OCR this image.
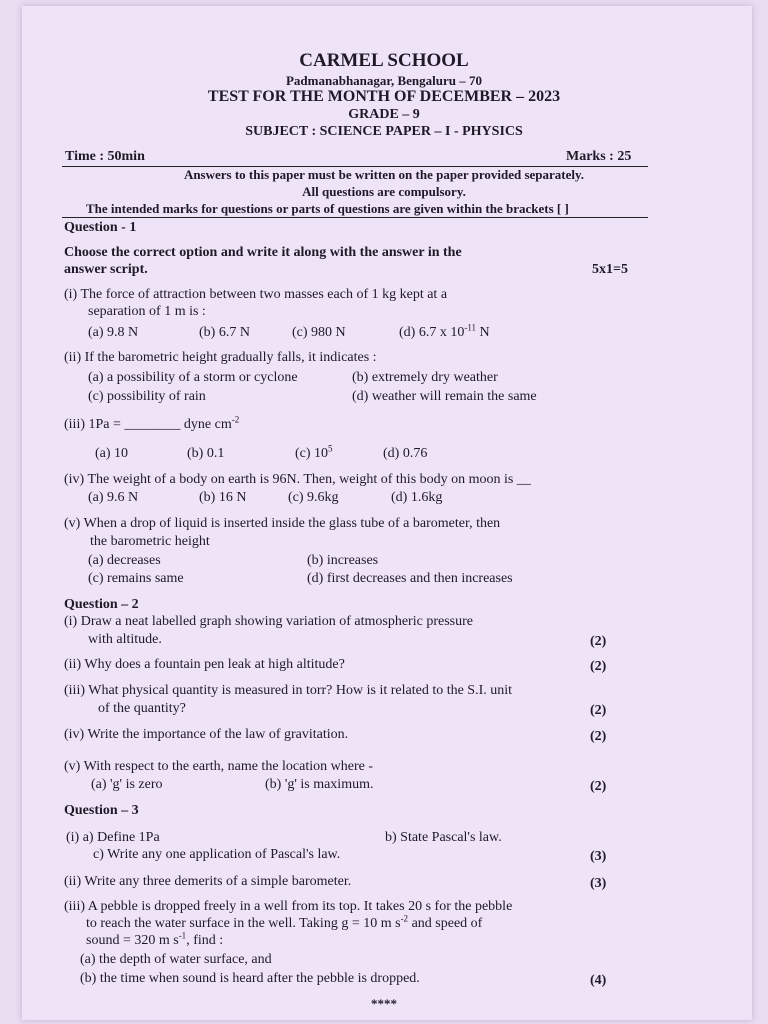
CARMEL SCHOOL
Padmanabhanagar, Bengaluru – 70
TEST FOR THE MONTH OF DECEMBER – 2023
GRADE – 9
SUBJECT : SCIENCE PAPER – I - PHYSICS
Time : 50min	Marks : 25
Answers to this paper must be written on the paper provided separately.
All questions are compulsory.
The intended marks for questions or parts of questions are given within the brackets [ ]
Question - 1
Choose the correct option and write it along with the answer in the
answer script.	5x1=5
(i) The force of attraction between two masses each of 1 kg kept at a
separation of 1 m is :
(a) 9.8 N	(b) 6.7 N	(c) 980 N	(d) 6.7 x $10^{-11}$ N
(ii) If the barometric height gradually falls, it indicates :
(a) a possibility of a storm or cyclone	(b) extremely dry weather
(c) possibility of rain	(d) weather will remain the same
(iii) 1Pa = ________ dyne $cm^{-2}$
(a) 10	(b) 0.1	(c) $10^5$	(d) 0.76
(iv) The weight of a body on earth is 96N. Then, weight of this body on moon is __
(a) 9.6 N	(b) 16 N	(c) 9.6kg	(d) 1.6kg
(v) When a drop of liquid is inserted inside the glass tube of a barometer, then
the barometric height
(a) decreases	(b) increases
(c) remains same	(d) first decreases and then increases
Question – 2
(i) Draw a neat labelled graph showing variation of atmospheric pressure
with altitude.	(2)
(ii) Why does a fountain pen leak at high altitude?	(2)
(iii) What physical quantity is measured in torr? How is it related to the S.I. unit
of the quantity?	(2)
(iv) Write the importance of the law of gravitation.	(2)
(v) With respect to the earth, name the location where -
(a) 'g' is zero	(b) 'g' is maximum.	(2)
Question – 3
(i) a) Define 1Pa	b) State Pascal's law.
c) Write any one application of Pascal's law.	(3)
(ii) Write any three demerits of a simple barometer.	(3)
(iii) A pebble is dropped freely in a well from its top. It takes 20 s for the pebble
to reach the water surface in the well. Taking g = 10 m $s^{-2}$ and speed of
sound = 320 m $s^{-1}$, find :
(a) the depth of water surface, and
(b) the time when sound is heard after the pebble is dropped.	(4)
****
